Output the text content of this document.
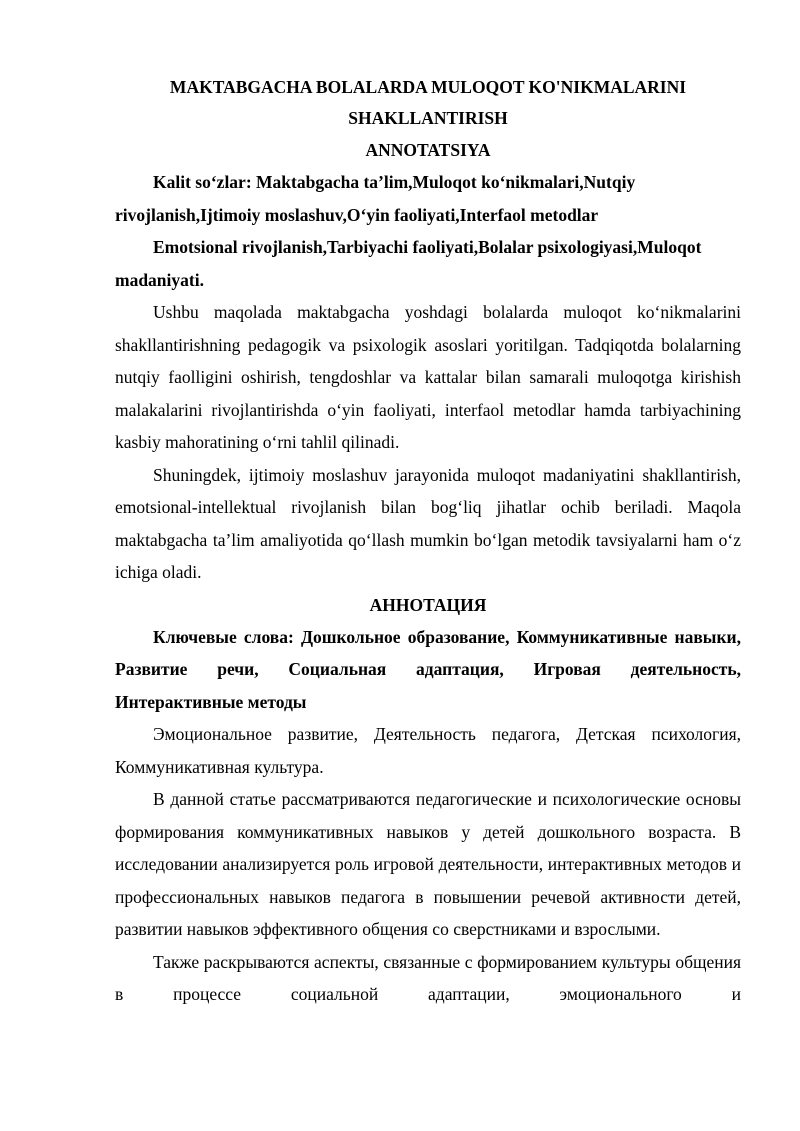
MAKTABGACHA BOLALARDA MULOQOT KO'NIKMALARINI

SHAKLLANTIRISH

ANNOTATSIYA

Kalit so‘zlar: Maktabgacha ta’lim,Muloqot ko‘nikmalari,Nutqiy rivojlanish,Ijtimoiy moslashuv,O‘yin faoliyati,Interfaol metodlar

Emotsional rivojlanish,Tarbiyachi faoliyati,Bolalar psixologiyasi,Muloqot madaniyati.

Ushbu maqolada maktabgacha yoshdagi bolalarda muloqot ko‘nikmalarini shakllantirishning pedagogik va psixologik asoslari yoritilgan. Tadqiqotda bolalarning nutqiy faolligini oshirish, tengdoshlar va kattalar bilan samarali muloqotga kirishish malakalarini rivojlantirishda o‘yin faoliyati, interfaol metodlar hamda tarbiyachining kasbiy mahoratining o‘rni tahlil qilinadi.

Shuningdek, ijtimoiy moslashuv jarayonida muloqot madaniyatini shakllantirish, emotsional-intellektual rivojlanish bilan bog‘liq jihatlar ochib beriladi. Maqola maktabgacha ta’lim amaliyotida qo‘llash mumkin bo‘lgan metodik tavsiyalarni ham o‘z ichiga oladi.

АННОТАЦИЯ

Ключевые слова: Дошкольное образование, Коммуникативные навыки, Развитие речи, Социальная адаптация, Игровая деятельность, Интерактивные методы

Эмоциональное развитие, Деятельность педагога, Детская психология, Коммуникативная культура.

В данной статье рассматриваются педагогические и психологические основы формирования коммуникативных навыков у детей дошкольного возраста. В исследовании анализируется роль игровой деятельности, интерактивных методов и профессиональных навыков педагога в повышении речевой активности детей, развитии навыков эффективного общения со сверстниками и взрослыми.

Также раскрываются аспекты, связанные с формированием культуры общения в процессе социальной адаптации, эмоционального и
